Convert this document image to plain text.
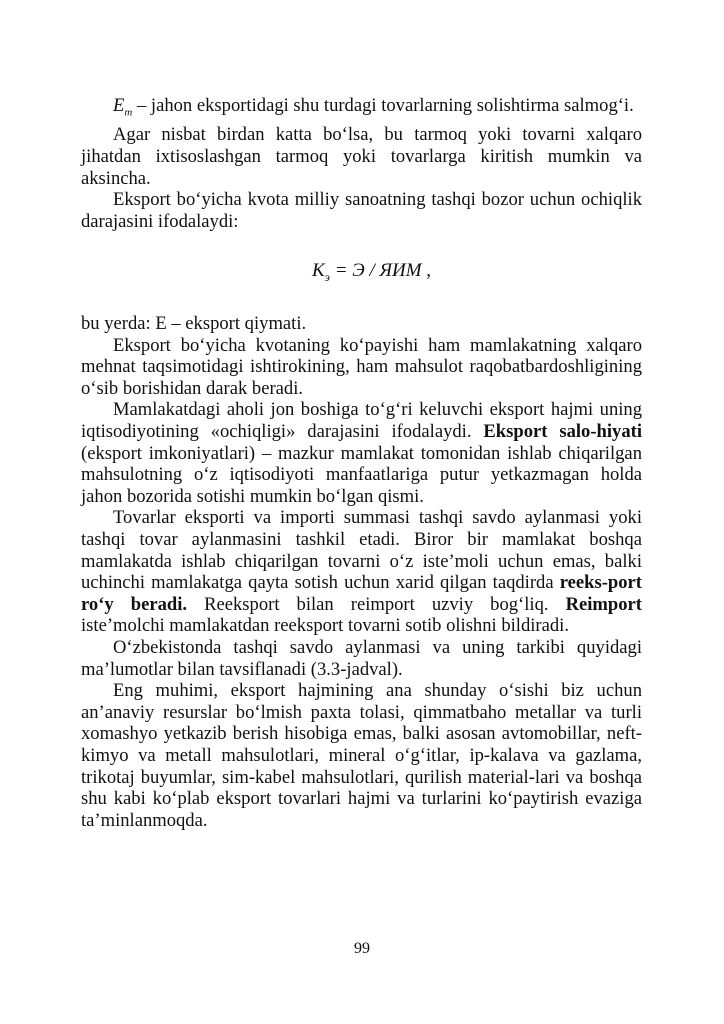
$E_m$ – jahon eksportidagi shu turdagi tovarlarning solishtirma salmog‘i.

Agar nisbat birdan katta bo‘lsa, bu tarmoq yoki tovarni xalqaro jihatdan ixtisoslashgan tarmoq yoki tovarlarga kiritish mumkin va aksincha.

Eksport bo‘yicha kvota milliy sanoatning tashqi bozor uchun ochiqlik darajasini ifodalaydi:

$K_э = Э$ / ЯИМ ,

bu yerda: E – eksport qiymati.

Eksport bo‘yicha kvotaning ko‘payishi ham mamlakatning xalqaro mehnat taqsimotidagi ishtirokining, ham mahsulot raqobatbardoshligining o‘sib borishidan darak beradi.

Mamlakatdagi aholi jon boshiga to‘g‘ri keluvchi eksport hajmi uning iqtisodiyotining «ochiqligi» darajasini ifodalaydi. Eksport salo-hiyati (eksport imkoniyatlari) – mazkur mamlakat tomonidan ishlab chiqarilgan mahsulotning o‘z iqtisodiyoti manfaatlariga putur yetkazmagan holda jahon bozorida sotishi mumkin bo‘lgan qismi.

Tovarlar eksporti va importi summasi tashqi savdo aylanmasi yoki tashqi tovar aylanmasini tashkil etadi. Biror bir mamlakat boshqa mamlakatda ishlab chiqarilgan tovarni o‘z iste’moli uchun emas, balki uchinchi mamlakatga qayta sotish uchun xarid qilgan taqdirda reeks-port ro‘y beradi. Reeksport bilan reimport uzviy bog‘liq. Reimport iste’molchi mamlakatdan reeksport tovarni sotib olishni bildiradi.

O‘zbekistonda tashqi savdo aylanmasi va uning tarkibi quyidagi ma’lumotlar bilan tavsiflanadi (3.3-jadval).

Eng muhimi, eksport hajmining ana shunday o‘sishi biz uchun an’anaviy resurslar bo‘lmish paxta tolasi, qimmatbaho metallar va turli xomashyo yetkazib berish hisobiga emas, balki asosan avtomobillar, neft-kimyo va metall mahsulotlari, mineral o‘g‘itlar, ip-kalava va gazlama, trikotaj buyumlar, sim-kabel mahsulotlari, qurilish material-lari va boshqa shu kabi ko‘plab eksport tovarlari hajmi va turlarini ko‘paytirish evaziga ta’minlanmoqda.

99
